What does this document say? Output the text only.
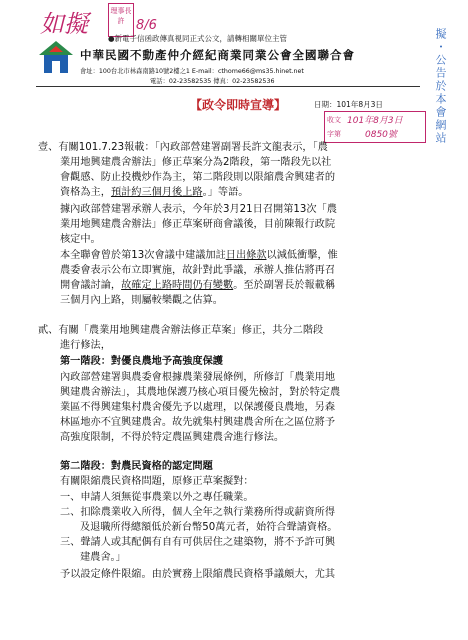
如擬	8/6
理事長
許
擬・公告於本會網站
●新電子信函政傳真視同正式公文，請轉相關單位主管
中華民國不動產仲介經紀商業同業公會全國聯合會
會址：100台北市林森南路10號2樓之1 E-mail：cthome66@ms35.hinet.net
電話：02-23582535 傳真：02-23582536
【政令即時宣導】	日期：101年8月3日
收文 101年8月3日
字第	0850號
壹、有關101.7.23報載：「內政部營建署副署長許文龍表示，「農
業用地興建農舍辦法」修正草案分為2階段，第一階段先以社
會觀感、防止投機炒作為主，第二階段則以限縮農舍興建者的
資格為主，預計約三個月後上路。」等語。
據內政部營建署承辦人表示，今年於3月21日召開第13次「農
業用地興建農舍辦法」修正草案研商會議後，目前陳報行政院
核定中。
本全聯會曾於第13次會議中建議加註日出條款以減低衝擊，惟
農委會表示公布立即實施，故針對此爭議，承辦人推估將再召
開會議討論，故確定上路時間仍有變數。至於副署長於報載稱
三個月內上路，則屬較樂觀之估算。
貳、有關「農業用地興建農舍辦法修正草案」修正，共分二階段
進行修法，
第一階段：對優良農地予高強度保護
內政部營建署與農委會根據農業發展條例，所修訂「農業用地
興建農舍辦法」，其農地保護乃核心項目優先檢討，對於特定農
業區不得興建集村農舍優先予以處理，以保護優良農地，另森
林區地亦不宜興建農舍。故先就集村興建農舍所在之區位將予
高強度限制，不得於特定農區興建農舍進行修法。
第二階段：對農民資格的認定問題
有關限縮農民資格問題，原修正草案擬對：
一、申請人須無從事農業以外之專任職業。
二、扣除農業收入所得，個人全年之執行業務所得或薪資所得
及退職所得總額低於新台幣50萬元者，始符合聲請資格。
三、聲請人或其配偶有自有可供居住之建築物，將不予許可興
建農舍。」
予以設定條件限縮。由於實務上限縮農民資格爭議頗大，尤其
